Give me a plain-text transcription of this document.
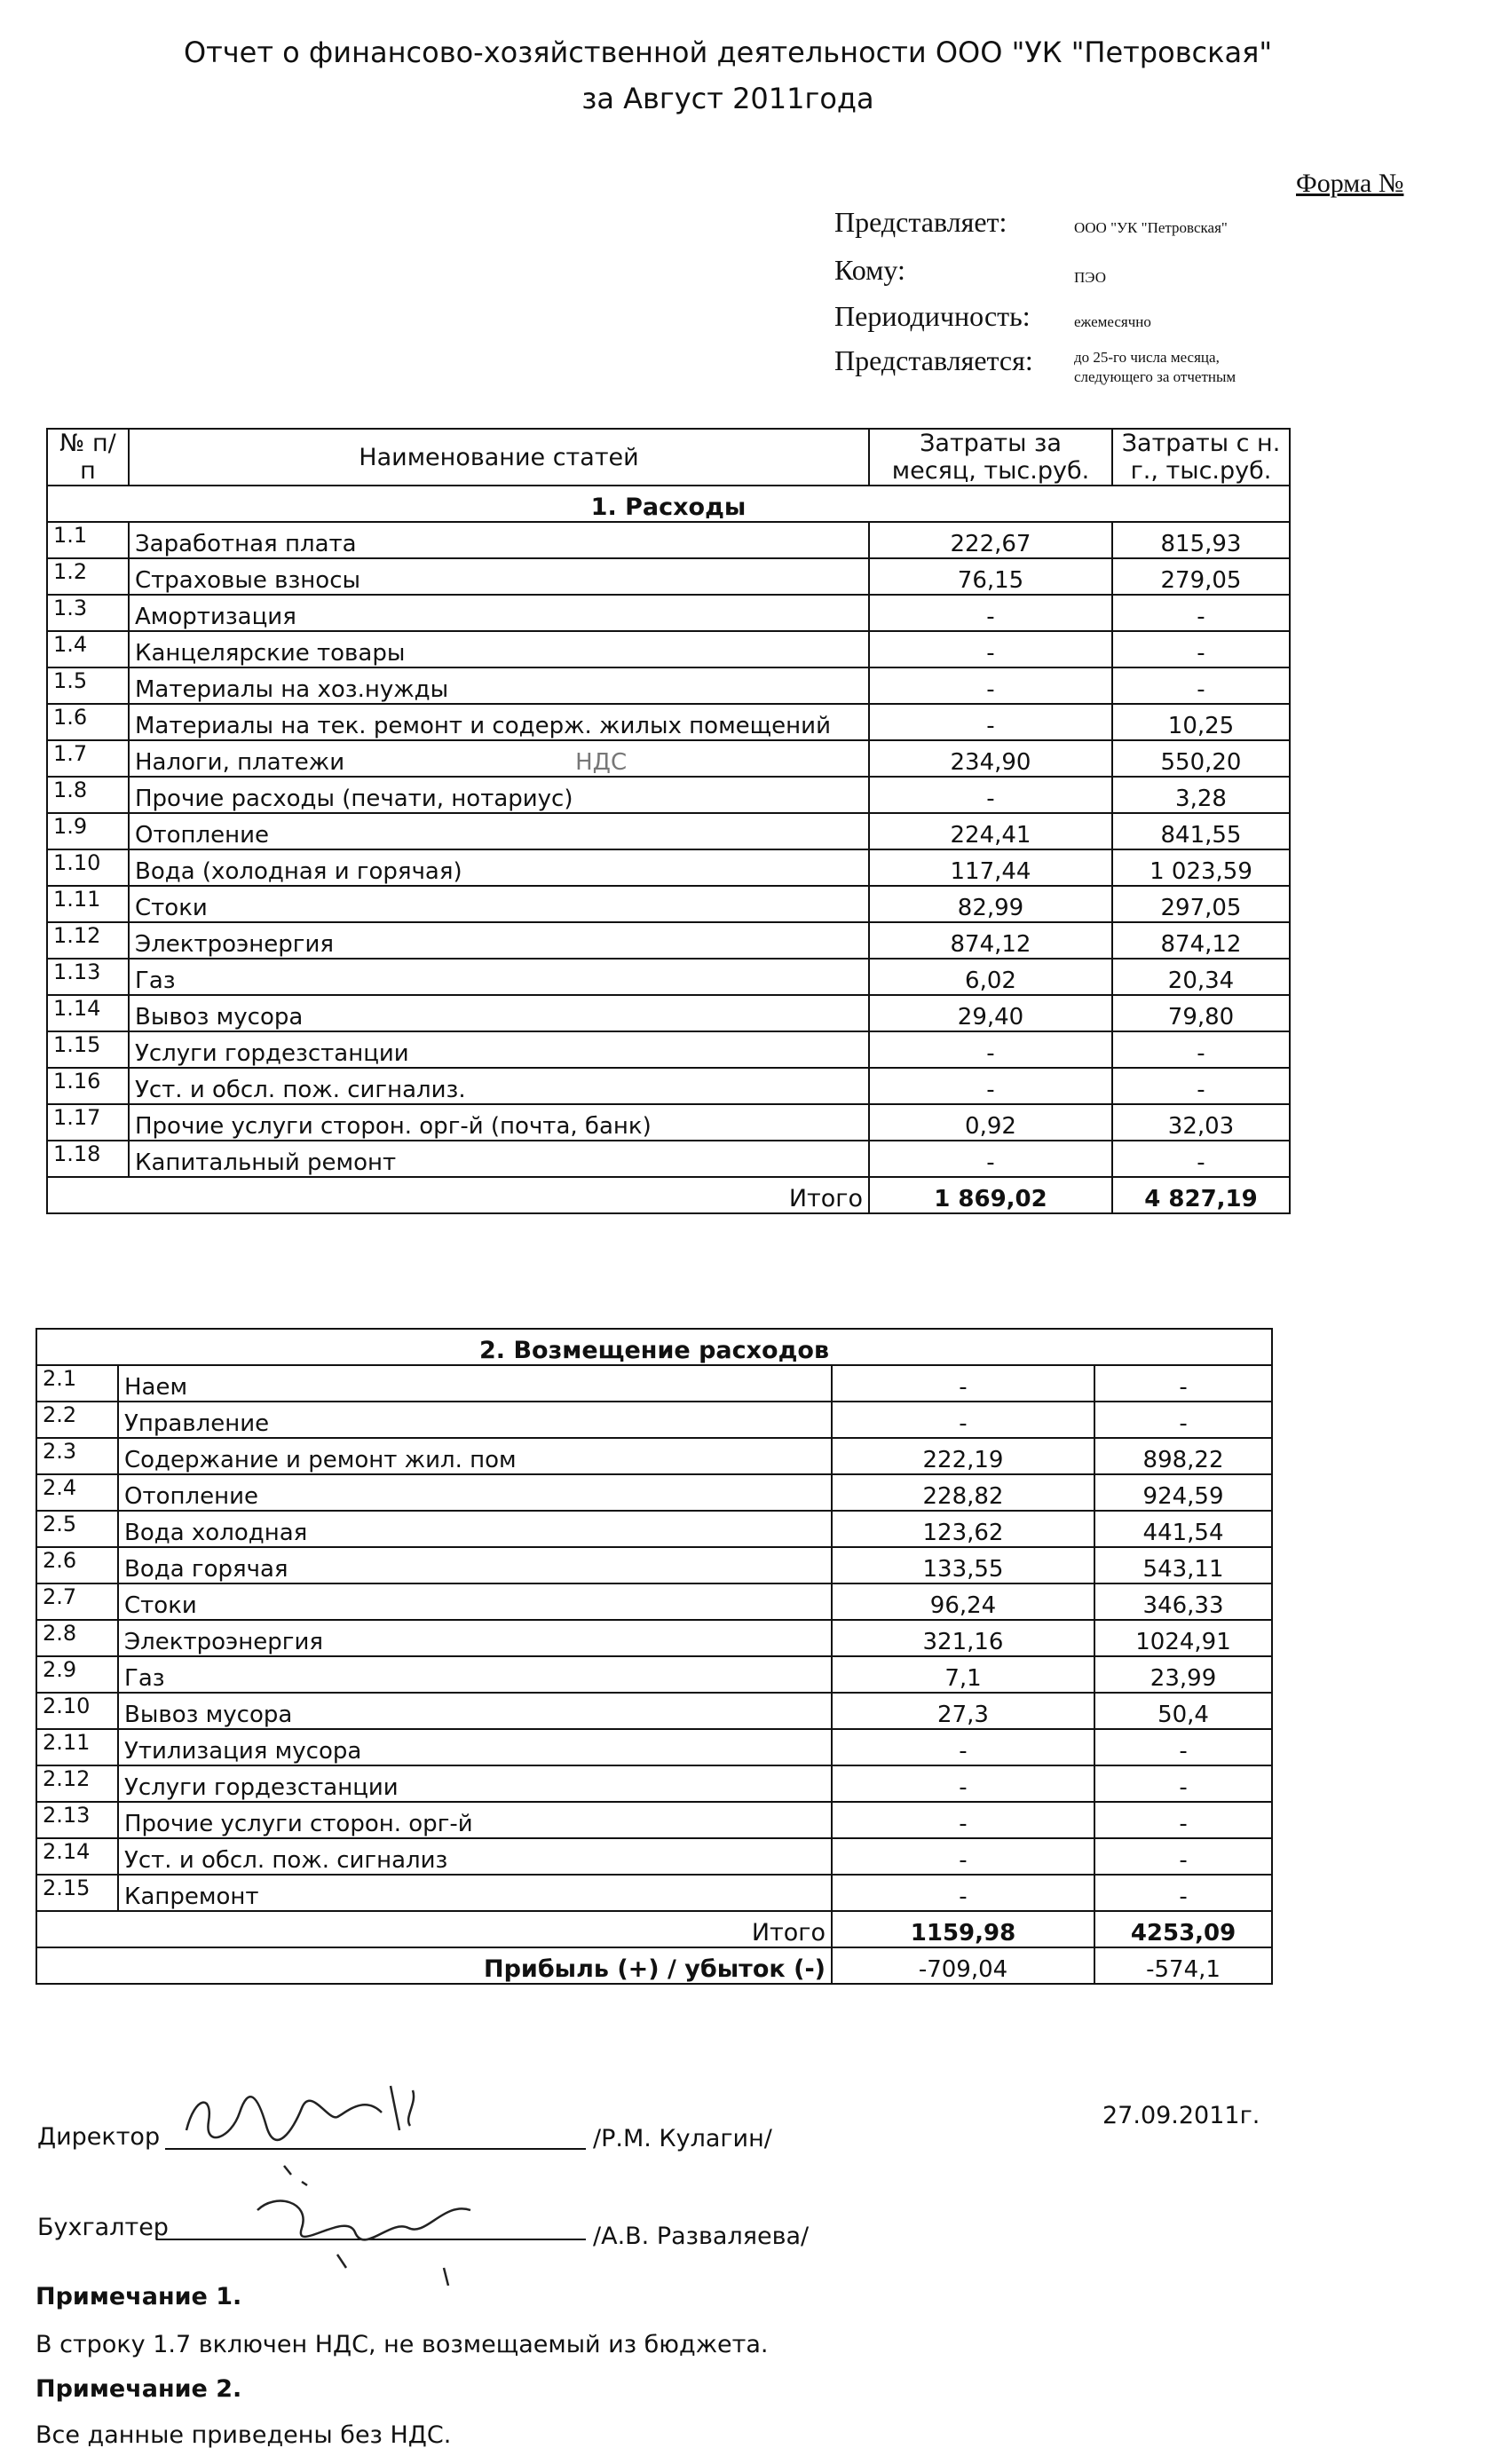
Отчет о финансово-хозяйственной деятельности ООО "УК "Петровская"
за Август 2011года
Форма №
Представляет:	ООО "УК "Петровская"
Кому:	ПЭО
Периодичность:	ежемесячно
Представляется:	до 25-го числа месяца, следующего за отчетным
№ п/п	Наименование статей	Затраты за месяц, тыс.руб.	Затраты с н. г., тыс.руб.
1. Расходы			
1.1	Заработная плата	222,67	815,93
1.2	Страховые взносы	76,15	279,05
1.3	Амортизация	-	-
1.4	Канцелярские товары	-	-
1.5	Материалы на хоз.нужды	-	-
1.6	Материалы на тек. ремонт и содерж. жилых помещений	-	10,25
1.7	Налоги, платежи НДС	234,90	550,20
1.8	Прочие расходы (печати, нотариус)	-	3,28
1.9	Отопление	224,41	841,55
1.10	Вода (холодная и горячая)	117,44	1 023,59
1.11	Стоки	82,99	297,05
1.12	Электроэнергия	874,12	874,12
1.13	Газ	6,02	20,34
1.14	Вывоз мусора	29,40	79,80
1.15	Услуги гордезстанции	-	-
1.16	Уст. и обсл. пож. сигнализ.	-	-
1.17	Прочие услуги сторон. орг-й (почта, банк)	0,92	32,03
1.18	Капитальный ремонт	-	-
Итого		1 869,02	4 827,19
2. Возмещение расходов			
2.1	Наем	-	-
2.2	Управление	-	-
2.3	Содержание и ремонт жил. пом	222,19	898,22
2.4	Отопление	228,82	924,59
2.5	Вода холодная	123,62	441,54
2.6	Вода горячая	133,55	543,11
2.7	Стоки	96,24	346,33
2.8	Электроэнергия	321,16	1024,91
2.9	Газ	7,1	23,99
2.10	Вывоз мусора	27,3	50,4
2.11	Утилизация мусора	-	-
2.12	Услуги гордезстанции	-	-
2.13	Прочие услуги сторон. орг-й	-	-
2.14	Уст. и обсл. пож. сигнализ	-	-
2.15	Капремонт	-	-
Итого		1159,98	4253,09
Прибыль (+) / убыток (-)		-709,04	-574,1
27.09.2011г.
Директор	/Р.М. Кулагин/
Бухгалтер	/А.В. Разваляева/
Примечание 1.
В строку 1.7 включен НДС, не возмещаемый из бюджета.
Примечание 2.
Все данные приведены без НДС.
